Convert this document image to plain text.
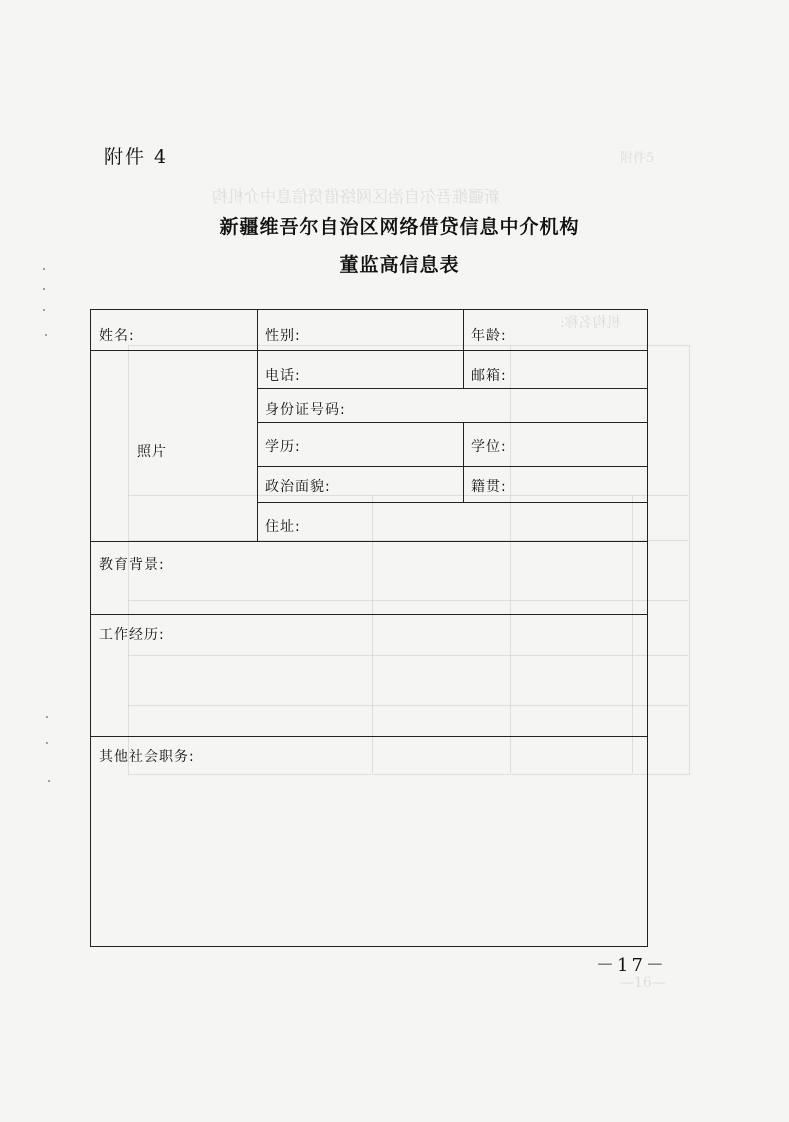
附件5
新疆维吾尔自治区网络借贷信息中介机构
机构名称:
—16—
附件 4
新疆维吾尔自治区网络借贷信息中介机构
董监高信息表
姓名:	性别:	年龄:
电话:	邮箱:
照片
身份证号码:
学历:	学位:
政治面貌:	籍贯:
住址:
教育背景:
工作经历:
其他社会职务:
－17－
